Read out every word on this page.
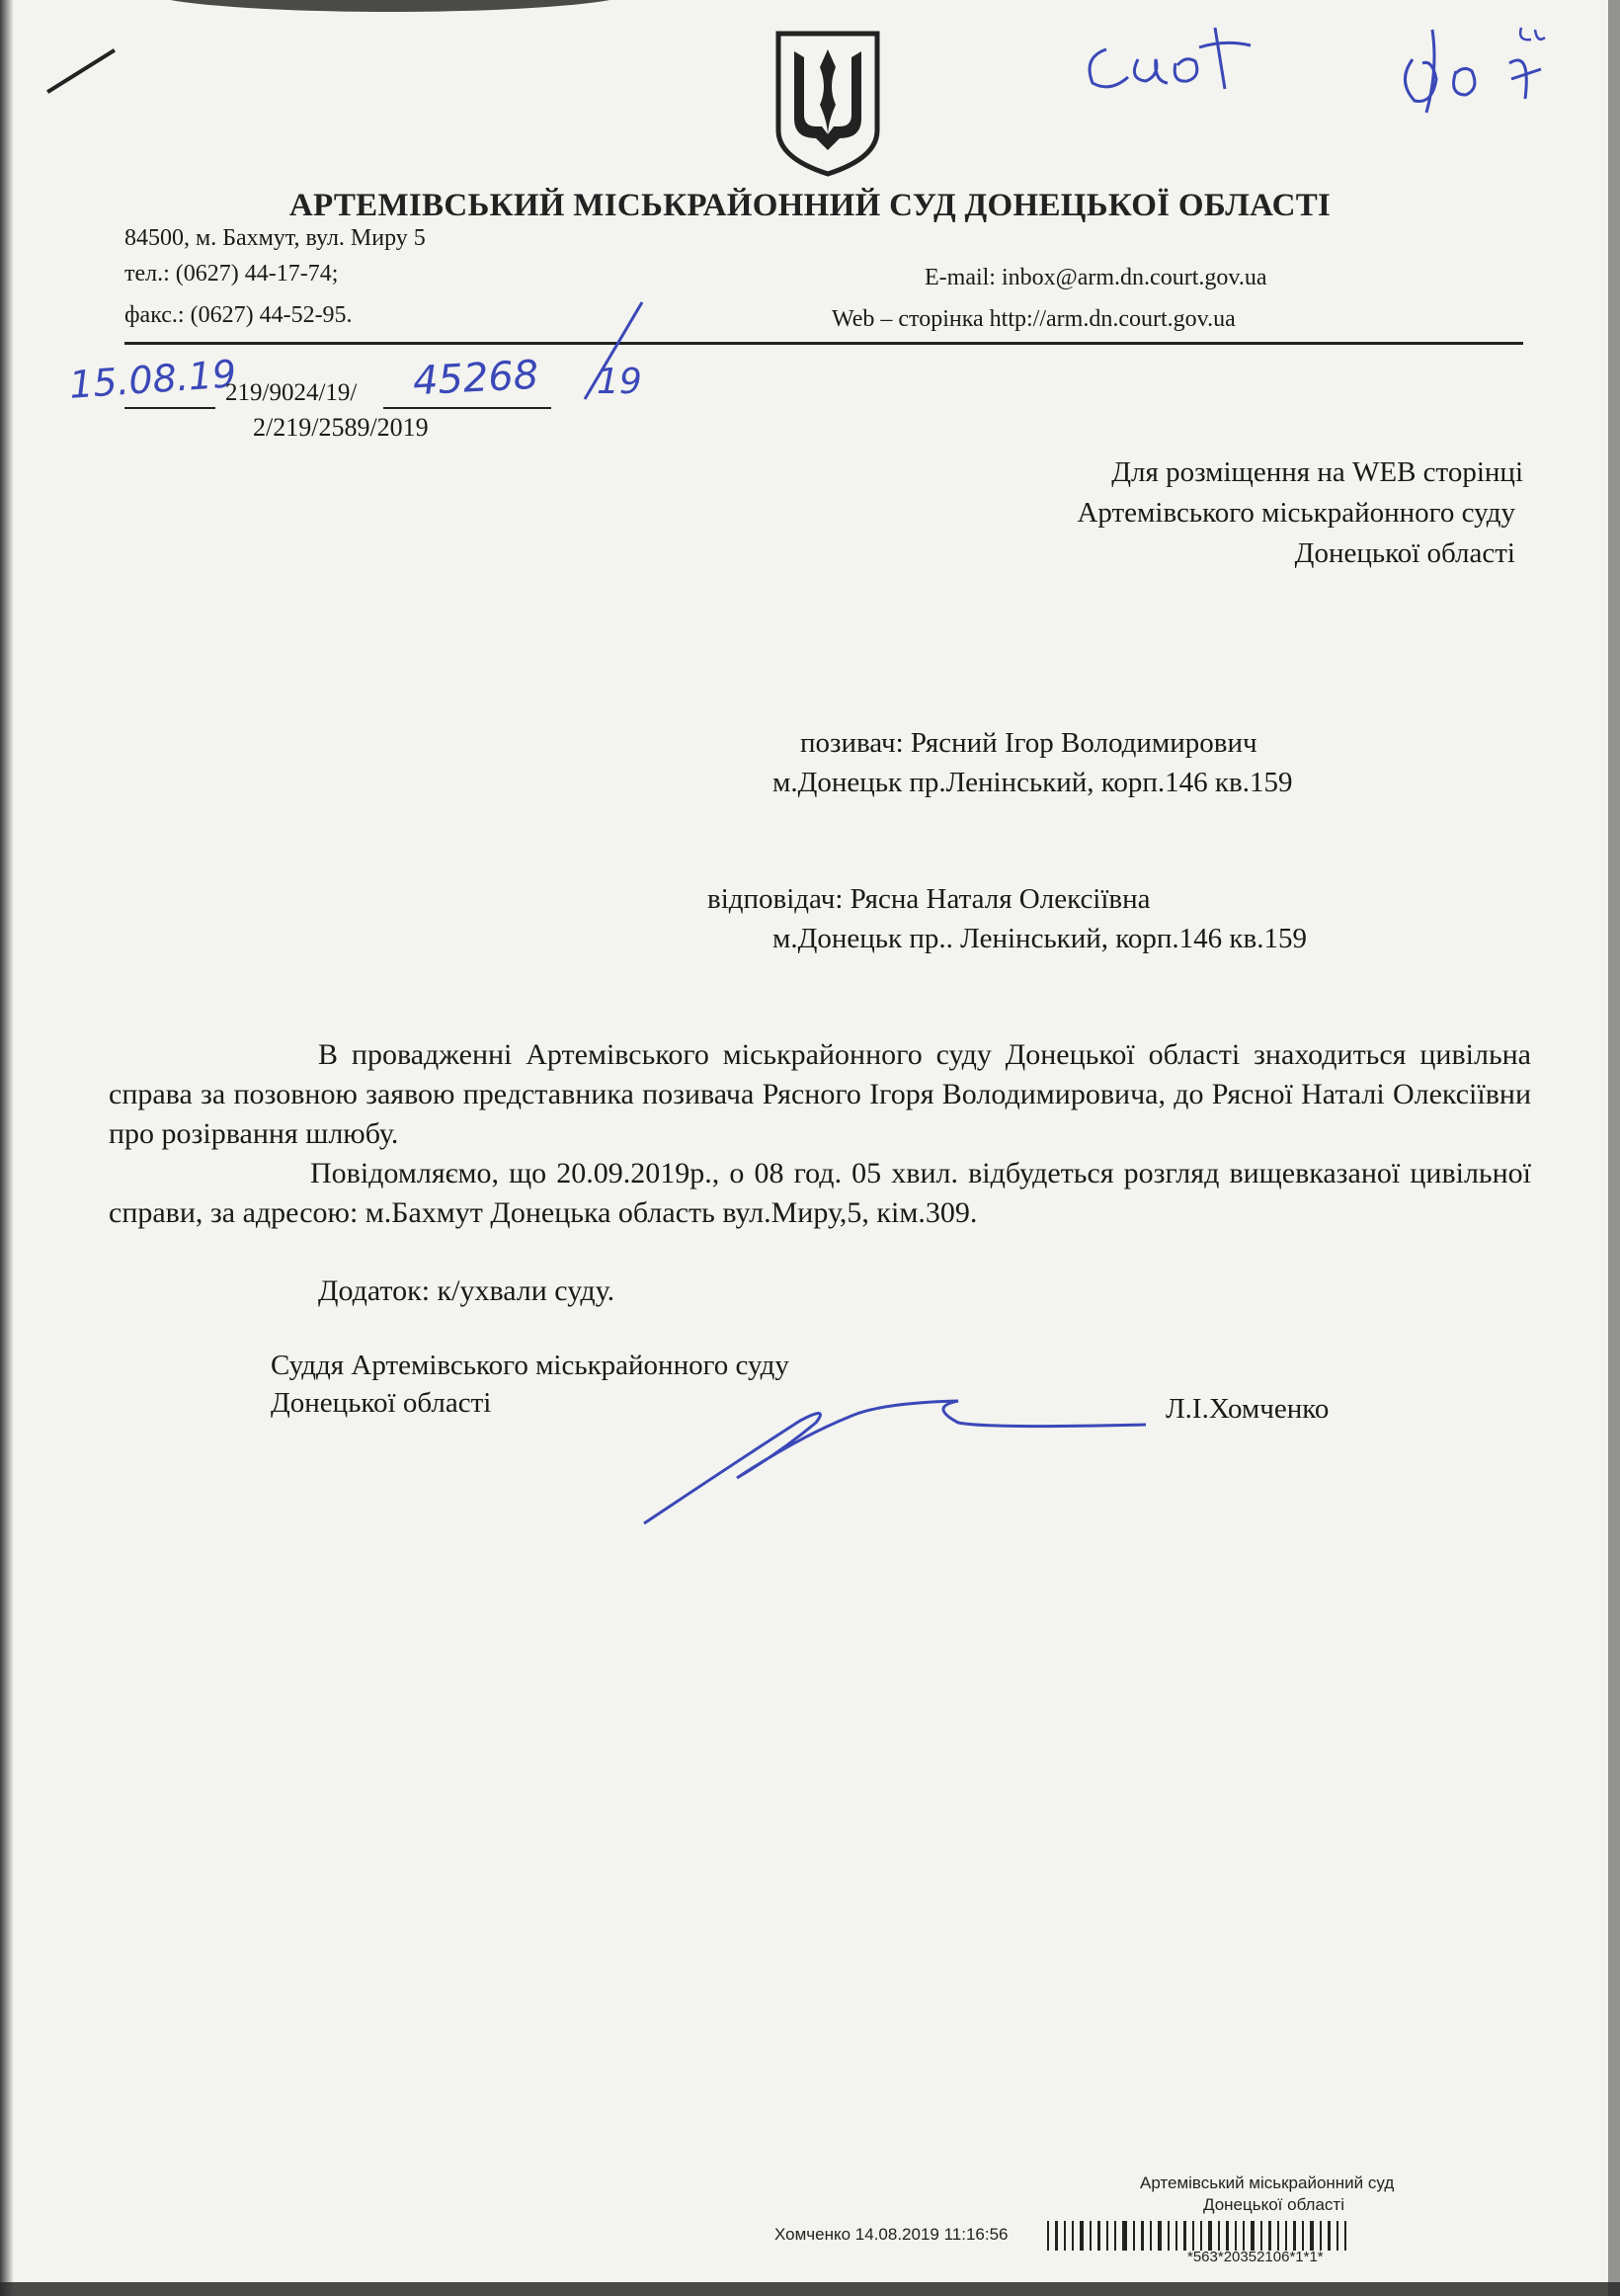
АРТЕМІВСЬКИЙ МІСЬКРАЙОННИЙ СУД ДОНЕЦЬКОЇ ОБЛАСТІ
84500, м. Бахмут, вул. Миру 5
тел.: (0627) 44-17-74;
факс.: (0627) 44-52-95.
E-mail: inbox@arm.dn.court.gov.ua
Web – сторінка http://arm.dn.court.gov.ua
15.08.19
219/9024/19/ 45268 19
2/219/2589/2019
Для розміщення на WEB сторінці
Артемівського міськрайонного суду
Донецької області
позивач: Рясний Ігор Володимирович
м.Донецьк пр.Ленінський, корп.146 кв.159
відповідач: Рясна Наталя Олексіївна
м.Донецьк пр.. Ленінський, корп.146 кв.159
В провадженні Артемівського міськрайонного суду Донецької області знаходиться цивільна справа за позовною заявою представника позивача Рясного Ігоря Володимировича, до Рясної Наталі Олексіївни про розірвання шлюбу.
Повідомляємо, що 20.09.2019р., о 08 год. 05 хвил. відбудеться розгляд вищевказаної цивільної справи, за адресою: м.Бахмут Донецька область вул.Миру,5, кім.309.
Додаток: к/ухвали суду.
Суддя Артемівського міськрайонного суду
Донецької області	Л.І.Хомченко
Артемівський міськрайонний суд
Донецької області
Хомченко 14.08.2019 11:16:56
*563*20352106*1*1*
